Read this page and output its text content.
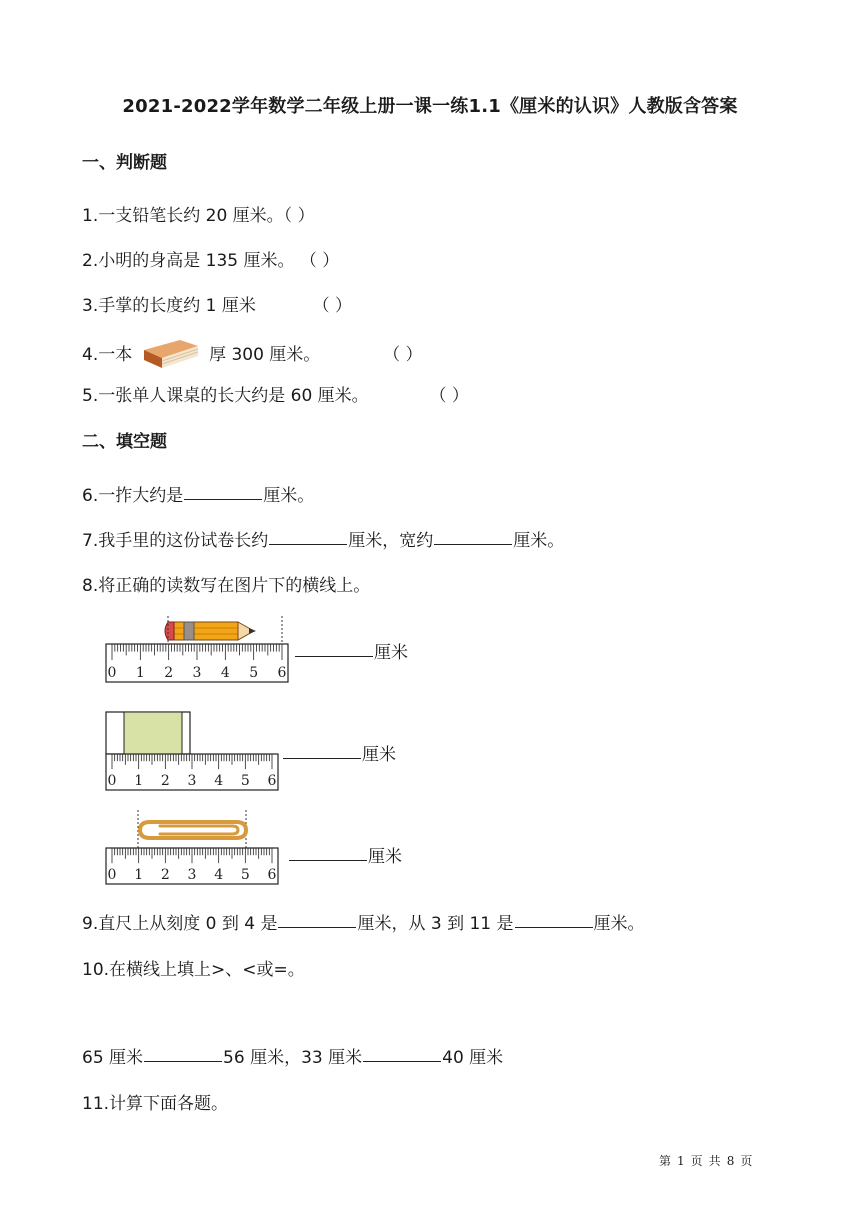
2021-2022学年数学二年级上册一课一练1.1《厘米的认识》人教版含答案
一、判断题
1.一支铅笔长约 20 厘米。（ ）
2.小明的身高是 135 厘米。 （ ）
3.手掌的长度约 1 厘米	（ ）
4.一本	厚 300 厘米。	（ ）
5.一张单人课桌的长大约是 60 厘米。	（ ）
二、填空题
6.一拃大约是	厘米。
7.我手里的这份试卷长约	厘米，宽约	厘米。
8.将正确的读数写在图片下的横线上。
0 1 2 3 4 5 6
厘米
0 1 2 3 4 5 6
厘米
0 1 2 3 4 5 6
厘米
9.直尺上从刻度 0 到 4 是	厘米，从 3 到 11 是	厘米。
10.在横线上填上>、<或=。
65 厘米	56 厘米，33 厘米	40 厘米
11.计算下面各题。
第 1 页 共 8 页
